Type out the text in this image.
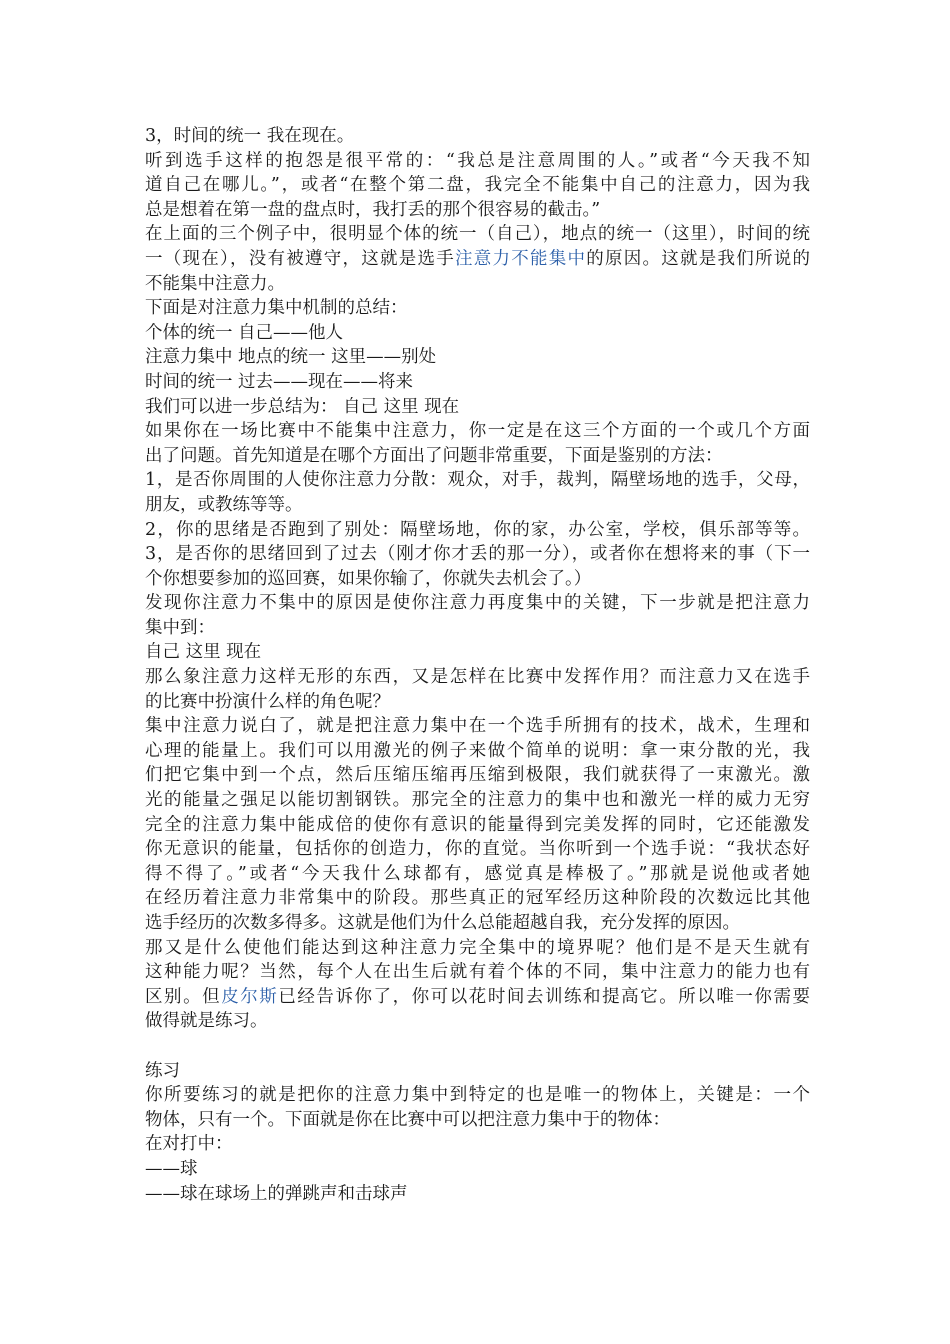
3，时间的统一 我在现在。
听到选手这样的抱怨是很平常的：“我总是注意周围的人。”或者“今天我不知
道自己在哪儿。”，或者“在整个第二盘，我完全不能集中自己的注意力，因为我
总是想着在第一盘的盘点时，我打丢的那个很容易的截击。”
在上面的三个例子中，很明显个体的统一（自己），地点的统一（这里），时间的统
一（现在），没有被遵守，这就是选手注意力不能集中的原因。这就是我们所说的
不能集中注意力。
下面是对注意力集中机制的总结：
个体的统一 自己——他人
注意力集中 地点的统一 这里——别处
时间的统一 过去——现在——将来
我们可以进一步总结为： 自己 这里 现在
如果你在一场比赛中不能集中注意力，你一定是在这三个方面的一个或几个方面
出了问题。首先知道是在哪个方面出了问题非常重要，下面是鉴别的方法：
1，是否你周围的人使你注意力分散：观众，对手，裁判，隔壁场地的选手，父母，
朋友，或教练等等。
2，你的思绪是否跑到了别处：隔壁场地，你的家，办公室，学校，俱乐部等等。
3，是否你的思绪回到了过去（刚才你才丢的那一分），或者你在想将来的事（下一
个你想要参加的巡回赛，如果你输了，你就失去机会了。）
发现你注意力不集中的原因是使你注意力再度集中的关键，下一步就是把注意力
集中到：
自己 这里 现在
那么象注意力这样无形的东西，又是怎样在比赛中发挥作用？而注意力又在选手
的比赛中扮演什么样的角色呢？
集中注意力说白了，就是把注意力集中在一个选手所拥有的技术，战术，生理和
心理的能量上。我们可以用激光的例子来做个简单的说明：拿一束分散的光，我
们把它集中到一个点，然后压缩压缩再压缩到极限，我们就获得了一束激光。激
光的能量之强足以能切割钢铁。那完全的注意力的集中也和激光一样的威力无穷
完全的注意力集中能成倍的使你有意识的能量得到完美发挥的同时，它还能激发
你无意识的能量，包括你的创造力，你的直觉。当你听到一个选手说：“我状态好
得不得了。”或者“今天我什么球都有，感觉真是棒极了。”那就是说他或者她
在经历着注意力非常集中的阶段。那些真正的冠军经历这种阶段的次数远比其他
选手经历的次数多得多。这就是他们为什么总能超越自我，充分发挥的原因。
那又是什么使他们能达到这种注意力完全集中的境界呢？他们是不是天生就有
这种能力呢？当然，每个人在出生后就有着个体的不同，集中注意力的能力也有
区别。但皮尔斯已经告诉你了，你可以花时间去训练和提高它。所以唯一你需要
做得就是练习。
练习
你所要练习的就是把你的注意力集中到特定的也是唯一的物体上，关键是：一个
物体，只有一个。下面就是你在比赛中可以把注意力集中于的物体：
在对打中：
——球
——球在球场上的弹跳声和击球声
